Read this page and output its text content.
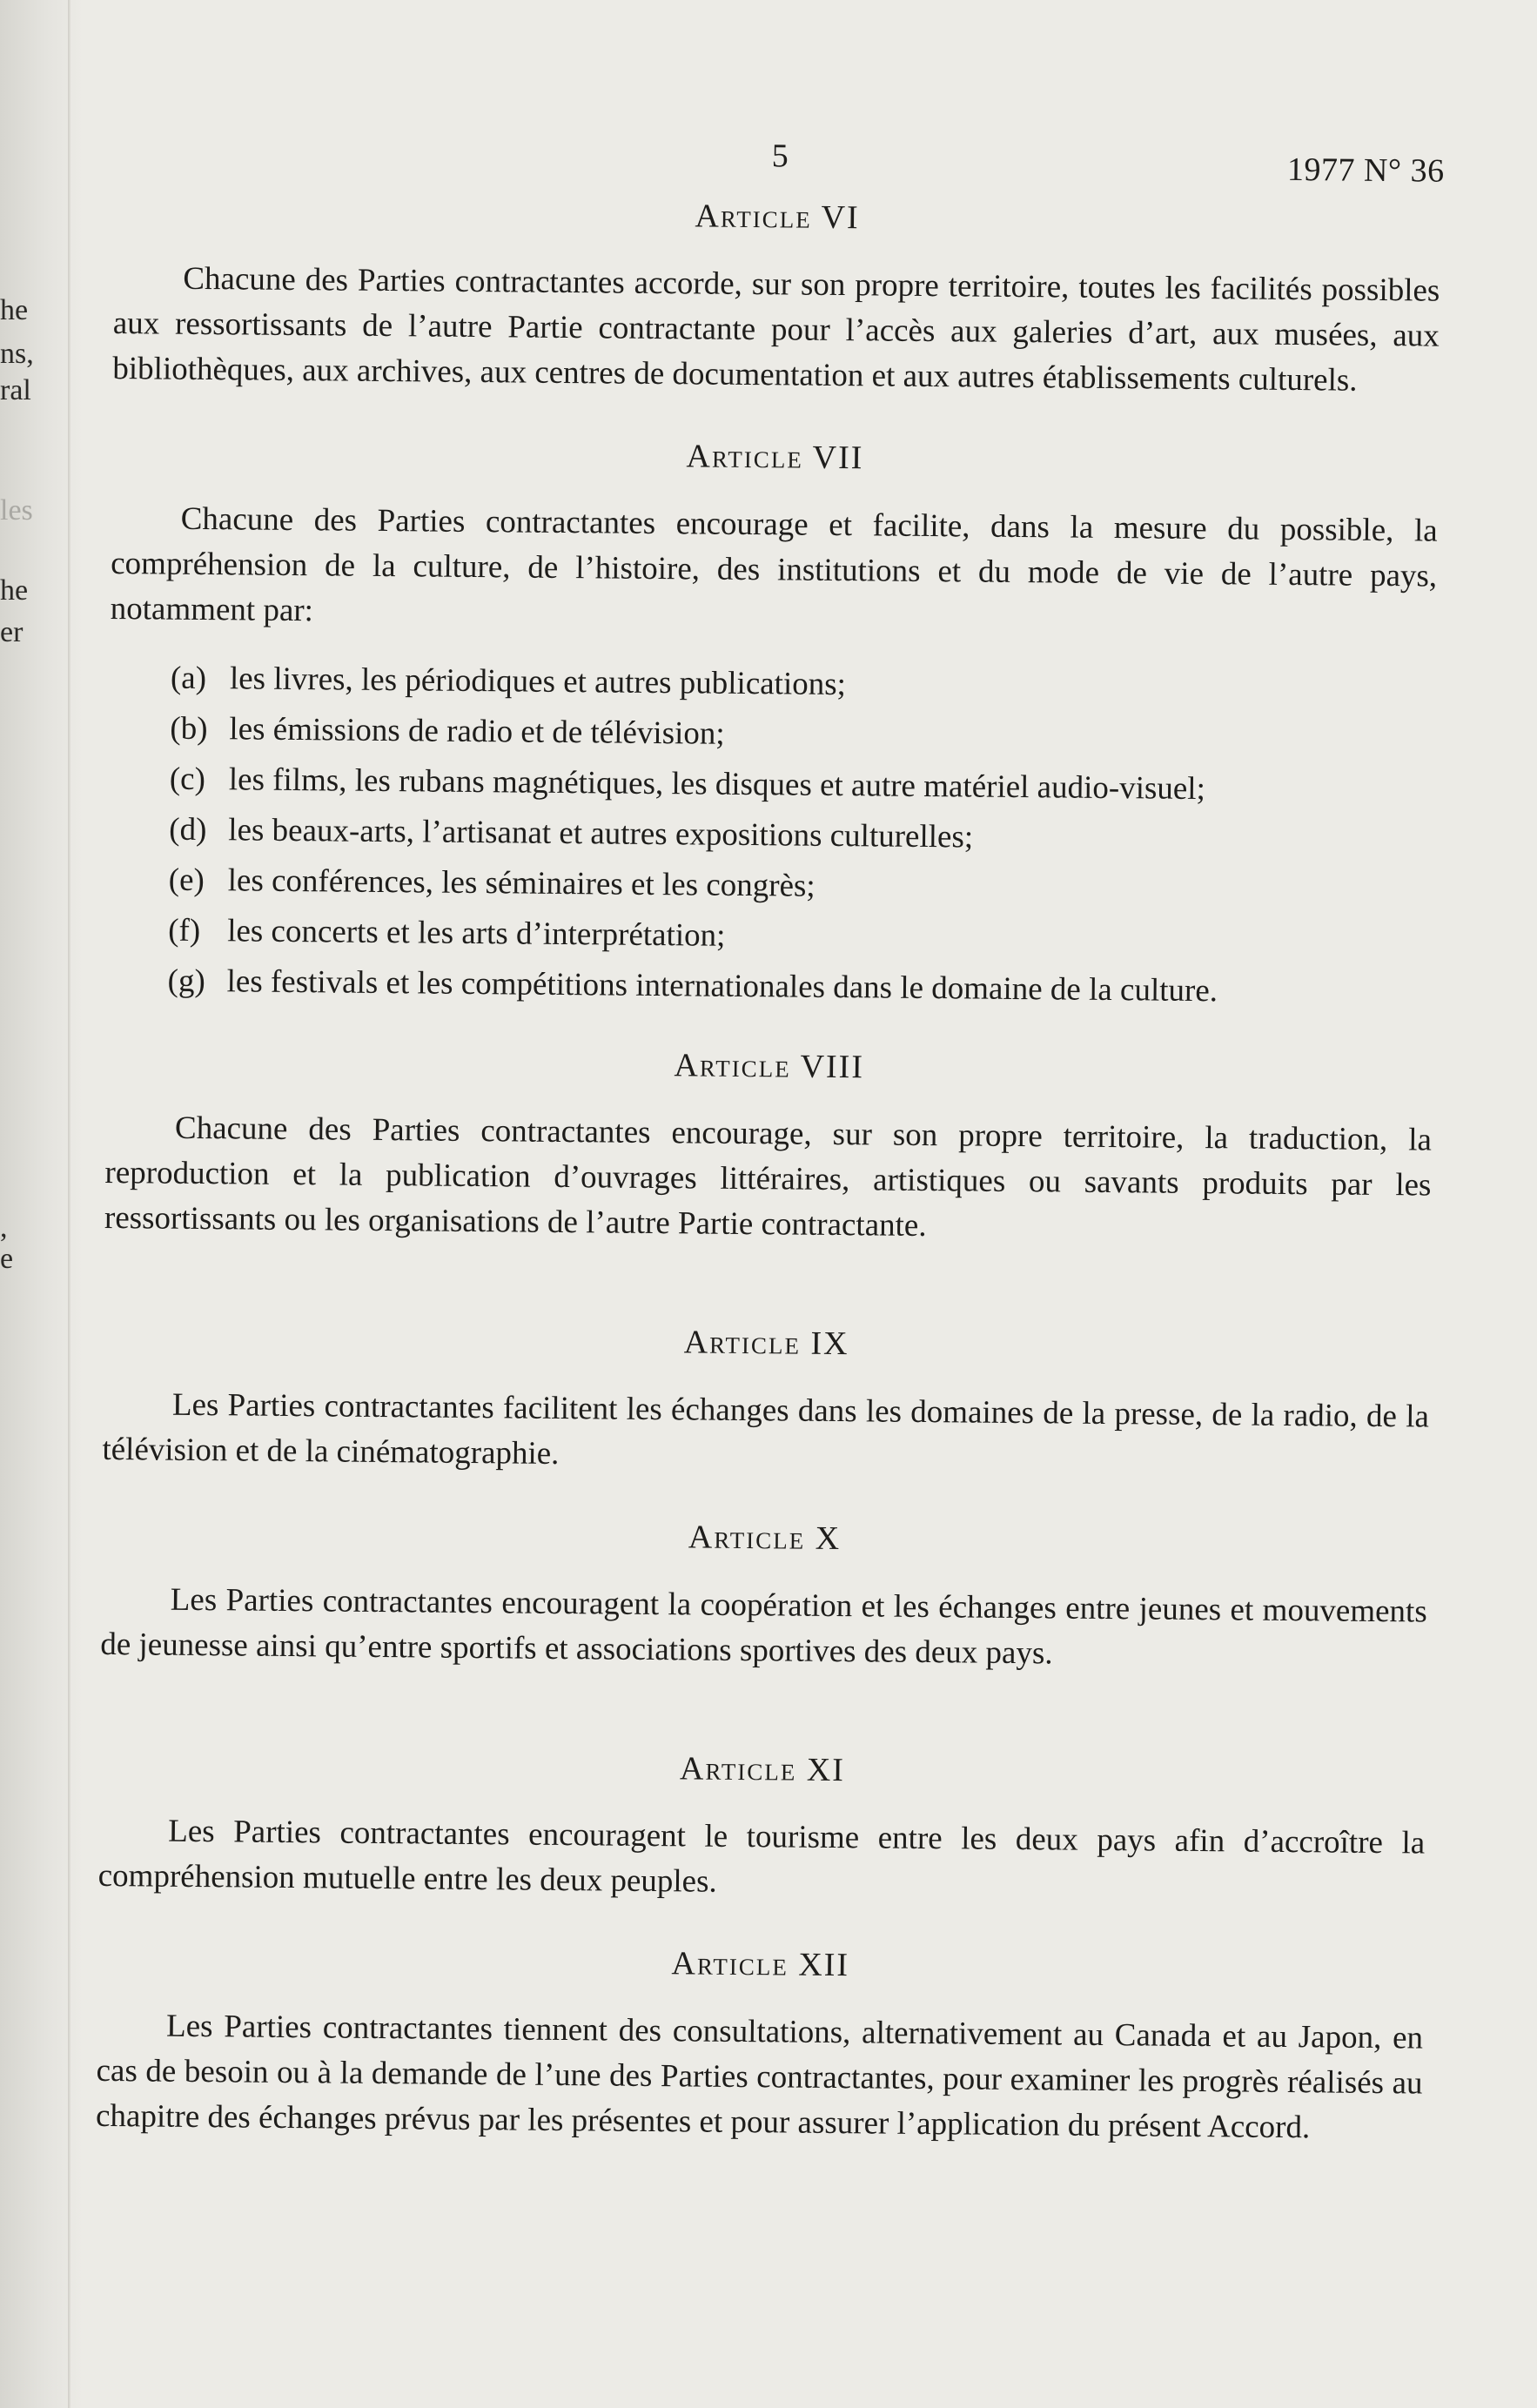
he
ns,
ral
les
he
er
,
e
5	1977 N° 36
Article VI

Chacune des Parties contractantes accorde, sur son propre territoire, toutes les facilités possibles aux ressortissants de l’autre Partie contractante pour l’accès aux galeries d’art, aux musées, aux bibliothèques, aux archives, aux centres de documentation et aux autres établissements culturels.

Article VII

Chacune des Parties contractantes encourage et facilite, dans la mesure du possible, la compréhension de la culture, de l’histoire, des institutions et du mode de vie de l’autre pays, notamment par:

(a) les livres, les périodiques et autres publications;
(b) les émissions de radio et de télévision;
(c) les films, les rubans magnétiques, les disques et autre matériel audio-visuel;
(d) les beaux-arts, l’artisanat et autres expositions culturelles;
(e) les conférences, les séminaires et les congrès;
(f) les concerts et les arts d’interprétation;
(g) les festivals et les compétitions internationales dans le domaine de la culture.
Article VIII

Chacune des Parties contractantes encourage, sur son propre territoire, la traduction, la reproduction et la publication d’ouvrages littéraires, artistiques ou savants produits par les ressortissants ou les organisations de l’autre Partie contractante.

Article IX

Les Parties contractantes facilitent les échanges dans les domaines de la presse, de la radio, de la télévision et de la cinématographie.

Article X

Les Parties contractantes encouragent la coopération et les échanges entre jeunes et mouvements de jeunesse ainsi qu’entre sportifs et associations sportives des deux pays.

Article XI

Les Parties contractantes encouragent le tourisme entre les deux pays afin d’accroître la compréhension mutuelle entre les deux peuples.

Article XII

Les Parties contractantes tiennent des consultations, alternativement au Canada et au Japon, en cas de besoin ou à la demande de l’une des Parties contractantes, pour examiner les progrès réalisés au chapitre des échanges prévus par les présentes et pour assurer l’application du présent Accord.
